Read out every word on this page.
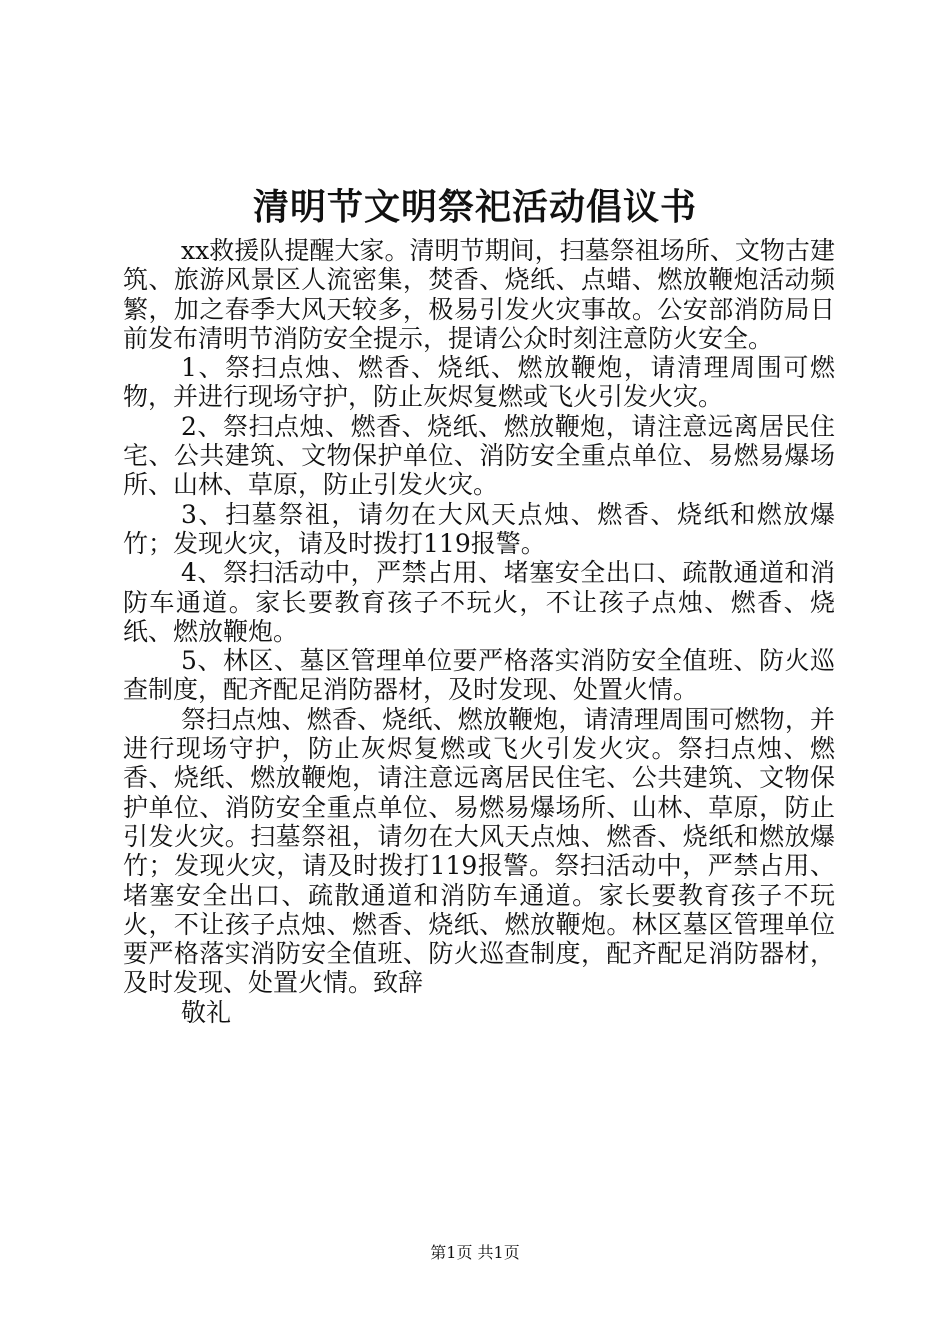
清明节文明祭祀活动倡议书

xx救援队提醒大家。清明节期间，扫墓祭祖场所、文物古建筑、旅游风景区人流密集，焚香、烧纸、点蜡、燃放鞭炮活动频繁，加之春季大风天较多，极易引发火灾事故。公安部消防局日前发布清明节消防安全提示，提请公众时刻注意防火安全。

1、祭扫点烛、燃香、烧纸、燃放鞭炮，请清理周围可燃物，并进行现场守护，防止灰烬复燃或飞火引发火灾。

2、祭扫点烛、燃香、烧纸、燃放鞭炮，请注意远离居民住宅、公共建筑、文物保护单位、消防安全重点单位、易燃易爆场所、山林、草原，防止引发火灾。

3、扫墓祭祖，请勿在大风天点烛、燃香、烧纸和燃放爆竹；发现火灾，请及时拨打119报警。

4、祭扫活动中，严禁占用、堵塞安全出口、疏散通道和消防车通道。家长要教育孩子不玩火，不让孩子点烛、燃香、烧纸、燃放鞭炮。

5、林区、墓区管理单位要严格落实消防安全值班、防火巡查制度，配齐配足消防器材，及时发现、处置火情。

祭扫点烛、燃香、烧纸、燃放鞭炮，请清理周围可燃物，并进行现场守护，防止灰烬复燃或飞火引发火灾。祭扫点烛、燃香、烧纸、燃放鞭炮，请注意远离居民住宅、公共建筑、文物保护单位、消防安全重点单位、易燃易爆场所、山林、草原，防止引发火灾。扫墓祭祖，请勿在大风天点烛、燃香、烧纸和燃放爆竹；发现火灾，请及时拨打119报警。祭扫活动中，严禁占用、堵塞安全出口、疏散通道和消防车通道。家长要教育孩子不玩火，不让孩子点烛、燃香、烧纸、燃放鞭炮。林区墓区管理单位要严格落实消防安全值班、防火巡查制度，配齐配足消防器材，及时发现、处置火情。致辞

敬礼

第1页 共1页
